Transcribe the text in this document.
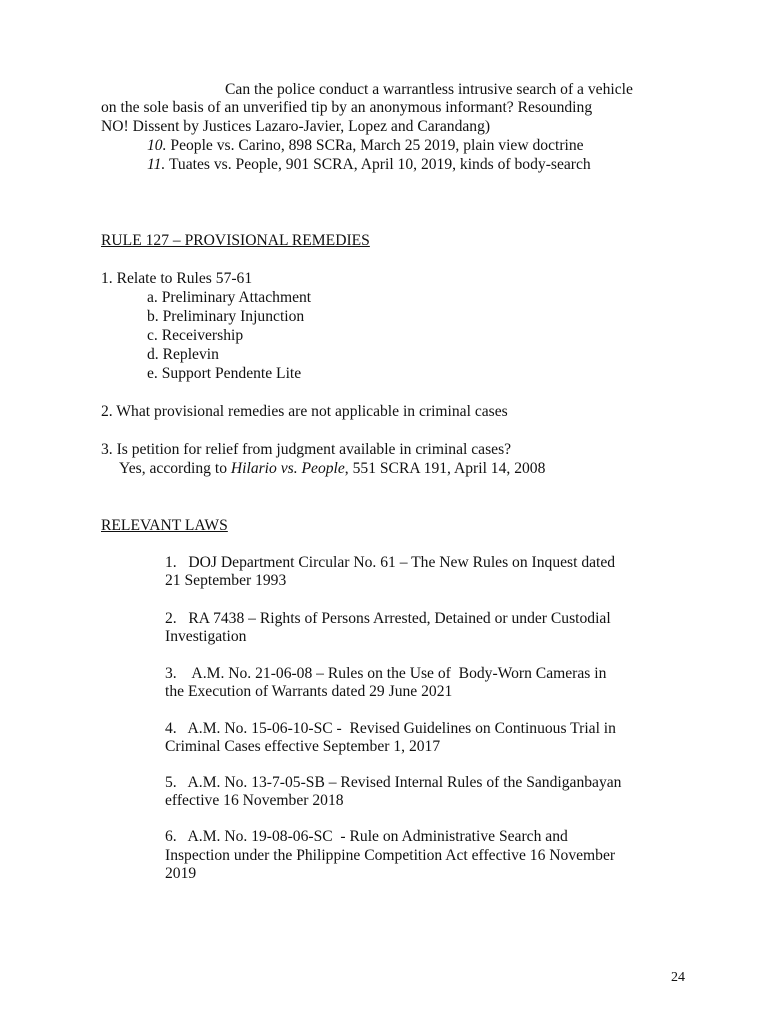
Can the police conduct a warrantless intrusive search of a vehicle
on the sole basis of an unverified tip by an anonymous informant? Resounding
NO! Dissent by Justices Lazaro-Javier, Lopez and Carandang)
10. People vs. Carino, 898 SCRa, March 25 2019, plain view doctrine
11. Tuates vs. People, 901 SCRA, April 10, 2019, kinds of body-search
RULE 127 – PROVISIONAL REMEDIES
1. Relate to Rules 57-61
a. Preliminary Attachment
b. Preliminary Injunction
c. Receivership
d. Replevin
e. Support Pendente Lite
2. What provisional remedies are not applicable in criminal cases
3. Is petition for relief from judgment available in criminal cases?
Yes, according to Hilario vs. People, 551 SCRA 191, April 14, 2008
RELEVANT LAWS
1.   DOJ Department Circular No. 61 – The New Rules on Inquest dated
21 September 1993
2.   RA 7438 – Rights of Persons Arrested, Detained or under Custodial
Investigation
3.    A.M. No. 21-06-08 – Rules on the Use of  Body-Worn Cameras in
the Execution of Warrants dated 29 June 2021
4.   A.M. No. 15-06-10-SC -  Revised Guidelines on Continuous Trial in
Criminal Cases effective September 1, 2017
5.   A.M. No. 13-7-05-SB – Revised Internal Rules of the Sandiganbayan
effective 16 November 2018
6.   A.M. No. 19-08-06-SC  - Rule on Administrative Search and
Inspection under the Philippine Competition Act effective 16 November
2019
24
